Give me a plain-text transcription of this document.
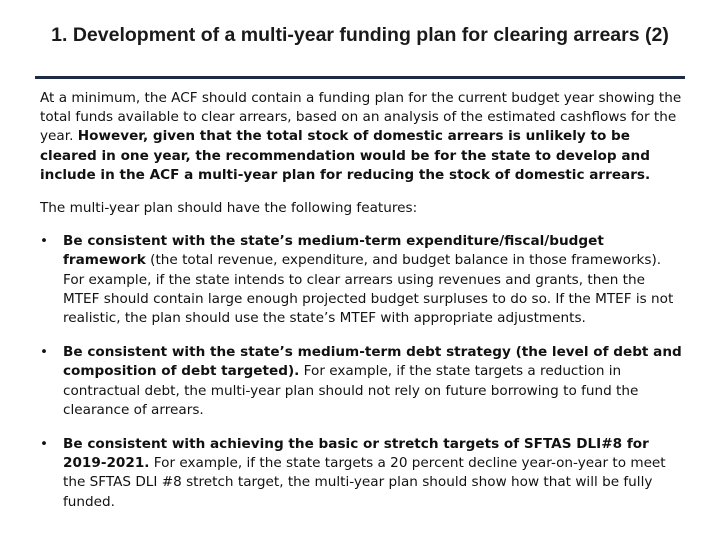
1. Development of a multi-year funding plan for clearing arrears (2)

At a minimum, the ACF should contain a funding plan for the current budget year showing the total funds available to clear arrears, based on an analysis of the estimated cashflows for the year. However, given that the total stock of domestic arrears is unlikely to be cleared in one year, the recommendation would be for the state to develop and include in the ACF a multi-year plan for reducing the stock of domestic arrears.

The multi-year plan should have the following features:

•	Be consistent with the state’s medium-term expenditure/fiscal/budget framework (the total revenue, expenditure, and budget balance in those frameworks). For example, if the state intends to clear arrears using revenues and grants, then the MTEF should contain large enough projected budget surpluses to do so. If the MTEF is not realistic, the plan should use the state’s MTEF with appropriate adjustments.
•	Be consistent with the state’s medium-term debt strategy (the level of debt and composition of debt targeted). For example, if the state targets a reduction in contractual debt, the multi-year plan should not rely on future borrowing to fund the clearance of arrears.
•	Be consistent with achieving the basic or stretch targets of SFTAS DLI#8 for 2019-2021. For example, if the state targets a 20 percent decline year-on-year to meet the SFTAS DLI #8 stretch target, the multi-year plan should show how that will be fully funded.
